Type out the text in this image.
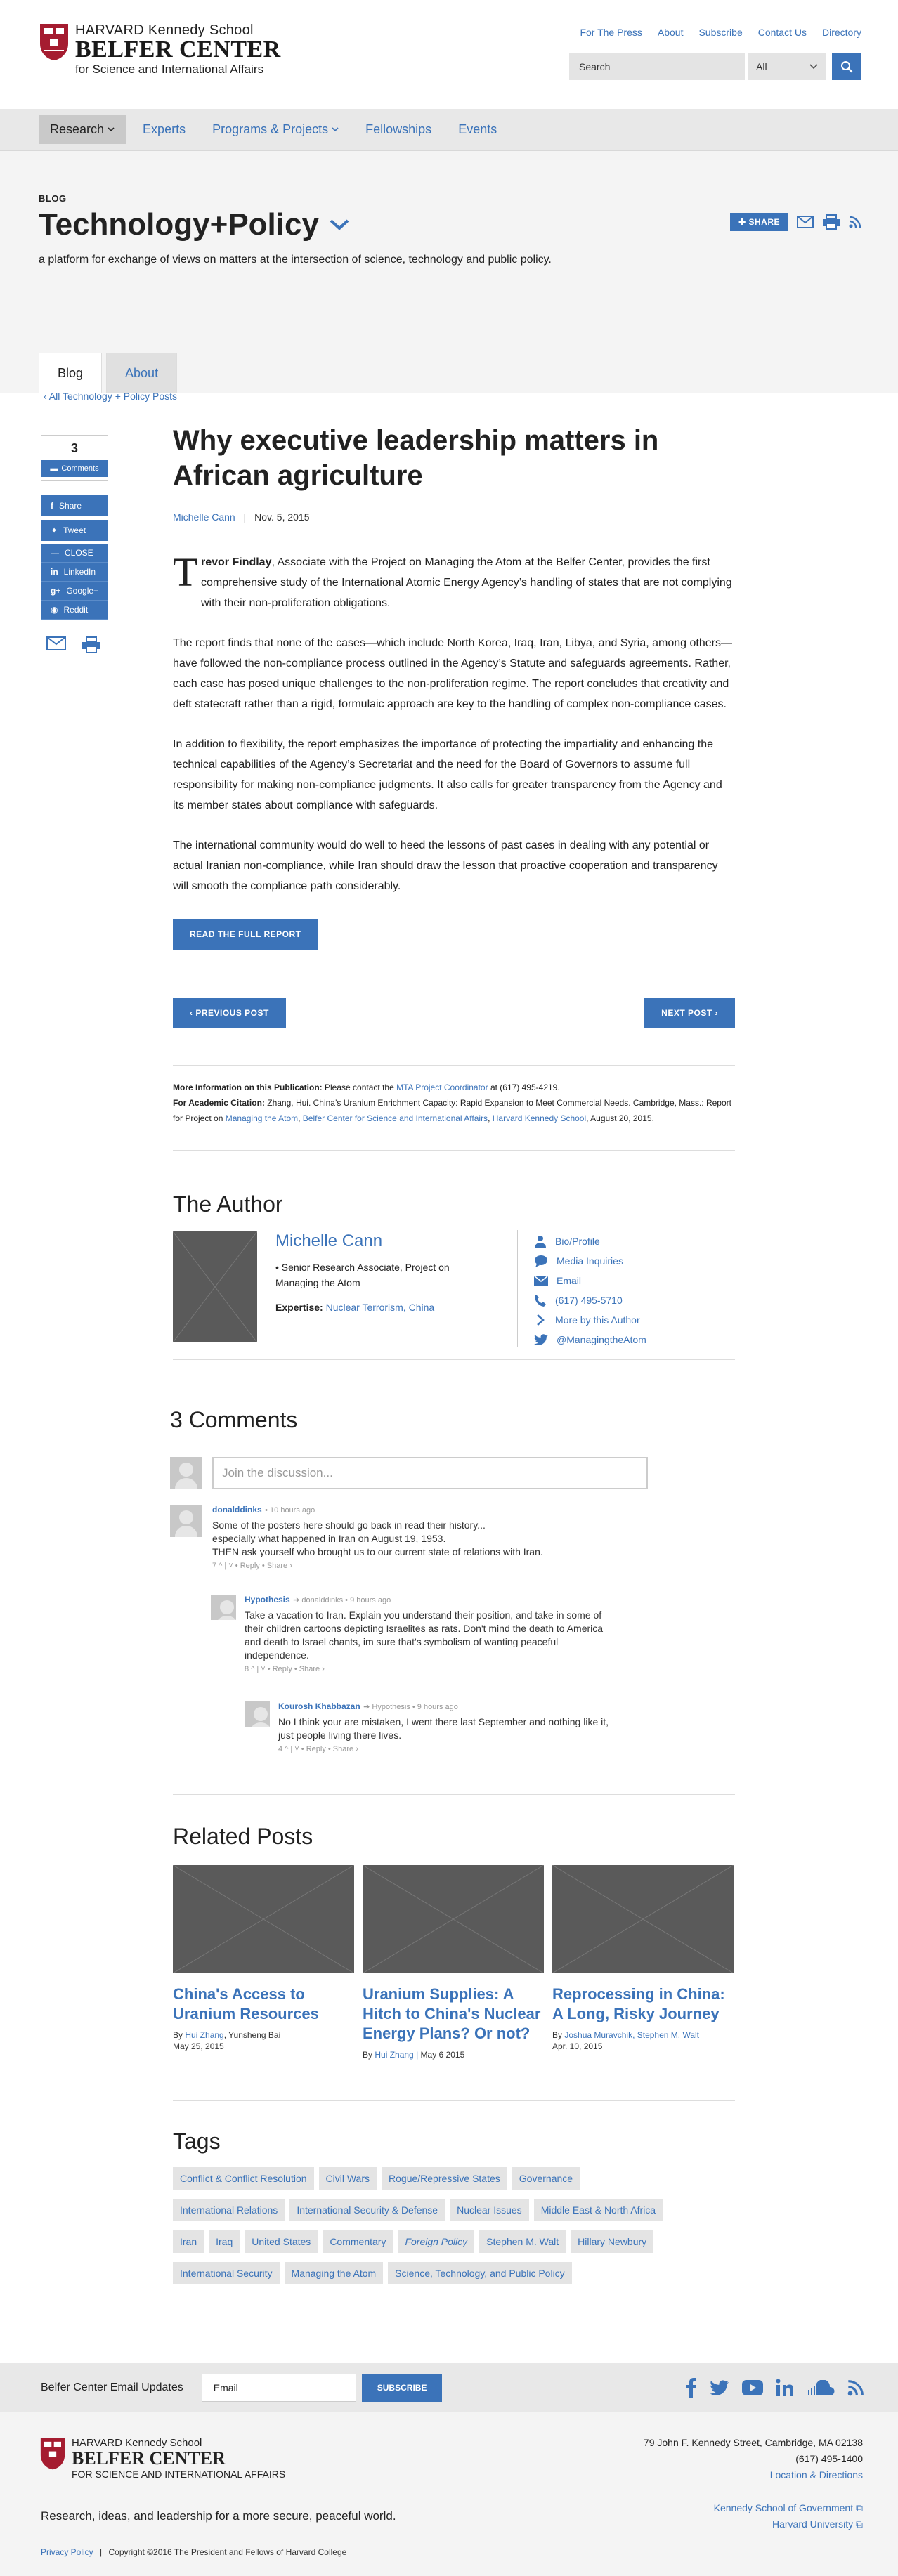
HARVARD Kennedy School
BELFER CENTER
for Science and International Affairs
For The Press About Subscribe Contact Us Directory
Search	All
Research	Experts Programs & Projects	Fellowships Events
BLOG
Technology+Policy
a platform for exchange of views on matters at the intersection of science, technology and public policy.
✚ SHARE
Blog	About
‹ All Technology + Policy Posts
3
▬ Comments
f Share
✦ Tweet
— CLOSE
in LinkedIn
g+ Google+
◉ Reddit
Why executive leadership matters in African agriculture
Michelle Cann | Nov. 5, 2015
T revor Findlay, Associate with the Project on Managing the Atom at the Belfer Center, provides the first comprehensive study of the International Atomic Energy Agency’s handling of states that are not complying with their non-proliferation obligations.

The report finds that none of the cases—which include North Korea, Iraq, Iran, Libya, and Syria, among others—have followed the non-compliance process outlined in the Agency’s Statute and safeguards agreements. Rather, each case has posed unique challenges to the non-proliferation regime. The report concludes that creativity and deft statecraft rather than a rigid, formulaic approach are key to the handling of complex non-compliance cases.

In addition to flexibility, the report emphasizes the importance of protecting the impartiality and enhancing the technical capabilities of the Agency’s Secretariat and the need for the Board of Governors to assume full responsibility for making non-compliance judgments. It also calls for greater transparency from the Agency and its member states about compliance with safeguards.

The international community would do well to heed the lessons of past cases in dealing with any potential or actual Iranian non-compliance, while Iran should draw the lesson that proactive cooperation and transparency will smooth the compliance path considerably.

READ THE FULL REPORT
‹ PREVIOUS POST	NEXT POST ›
More Information on this Publication: Please contact the MTA Project Coordinator at (617) 495-4219.
For Academic Citation: Zhang, Hui. China’s Uranium Enrichment Capacity: Rapid Expansion to Meet Commercial Needs. Cambridge, Mass.: Report for Project on Managing the Atom, Belfer Center for Science and International Affairs, Harvard Kennedy School, August 20, 2015.
The Author
Michelle Cann
• Senior Research Associate, Project on Managing the Atom
Expertise: Nuclear Terrorism, China
Bio/Profile
Media Inquiries
Email
(617) 495-5710
More by this Author
@ManagingtheAtom
3 Comments
Join the discussion...
donalddinks • 10 hours ago
Some of the posters here should go back in read their history...
especially what happened in Iran on August 19, 1953.
THEN ask yourself who brought us to our current state of relations with Iran.
7 ^ | ˅ • Reply • Share ›
Hypothesis ➔ donalddinks • 9 hours ago
Take a vacation to Iran. Explain you understand their position, and take in some of
their children cartoons depicting Israelites as rats. Don't mind the death to America
and death to Israel chants, im sure that's symbolism of wanting peaceful
independence.
8 ^ | ˅ • Reply • Share ›
Kourosh Khabbazan ➔ Hypothesis • 9 hours ago
No I think your are mistaken, I went there last September and nothing like it,
just people living there lives.
4 ^ | ˅ • Reply • Share ›
Related Posts
China's Access to Uranium Resources
By Hui Zhang, Yunsheng Bai
May 25, 2015
Uranium Supplies: A Hitch to China's Nuclear Energy Plans? Or not?
By Hui Zhang | May 6 2015
Reprocessing in China: A Long, Risky Journey
By Joshua Muravchik, Stephen M. Walt
Apr. 10, 2015
Tags
Conflict & Conflict Resolution	Civil Wars	Rogue/Repressive States	Governance
International Relations	International Security & Defense	Nuclear Issues	Middle East & North Africa
Iran	Iraq	United States	Commentary	Foreign Policy	Stephen M. Walt	Hillary Newbury
International Security	Managing the Atom	Science, Technology, and Public Policy
Belfer Center Email Updates	Email	SUBSCRIBE
HARVARD Kennedy School
BELFER CENTER
FOR SCIENCE AND INTERNATIONAL AFFAIRS
Research, ideas, and leadership for a more secure, peaceful world.
Privacy Policy | Copyright ©2016 The President and Fellows of Harvard College
79 John F. Kennedy Street, Cambridge, MA 02138
(617) 495-1400
Location & Directions
Kennedy School of Government ⧉
Harvard University ⧉
